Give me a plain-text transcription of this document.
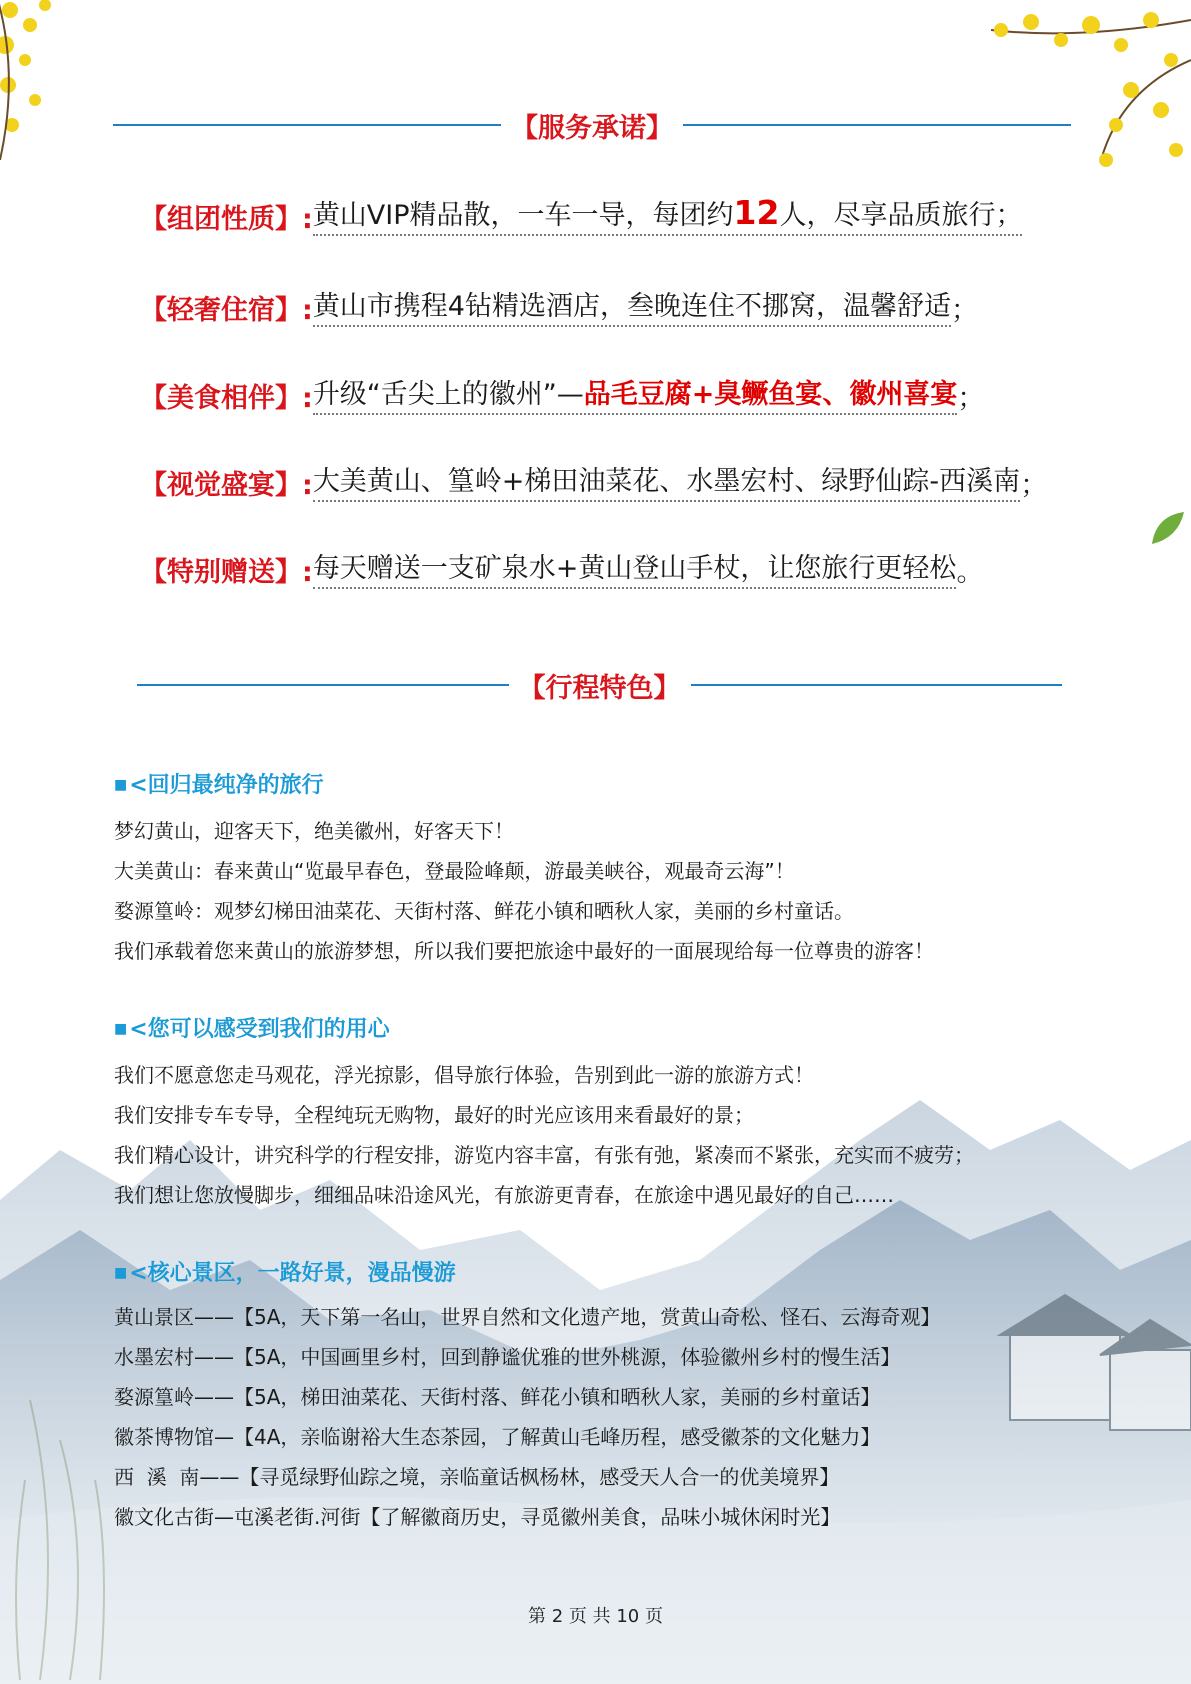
【服务承诺】
【组团性质】: 黄山VIP精品散，一车一导，每团约12人，尽享品质旅行；
【轻奢住宿】: 黄山市携程4钻精选酒店，叁晚连住不挪窝，温馨舒适 ；
【美食相伴】: 升级“舌尖上的徽州”—品毛豆腐+臭鳜鱼宴、徽州喜宴 ；
【视觉盛宴】: 大美黄山、篁岭+梯田油菜花、水墨宏村、绿野仙踪-西溪南 ；
【特别赠送】: 每天赠送一支矿泉水+黄山登山手杖，让您旅行更轻松 。
【行程特色】
■<回归最纯净的旅行
梦幻黄山，迎客天下，绝美徽州，好客天下！
大美黄山：春来黄山“览最早春色，登最险峰颠，游最美峡谷，观最奇云海”！
婺源篁岭：观梦幻梯田油菜花、天街村落、鲜花小镇和晒秋人家，美丽的乡村童话。
我们承载着您来黄山的旅游梦想，所以我们要把旅途中最好的一面展现给每一位尊贵的游客！
■<您可以感受到我们的用心
我们不愿意您走马观花，浮光掠影，倡导旅行体验，告别到此一游的旅游方式！
我们安排专车专导，全程纯玩无购物，最好的时光应该用来看最好的景；
我们精心设计，讲究科学的行程安排，游览内容丰富，有张有弛，紧凑而不紧张，充实而不疲劳；
我们想让您放慢脚步，细细品味沿途风光，有旅游更青春，在旅途中遇见最好的自己……
■<核心景区，一路好景，漫品慢游
黄山景区——【5A，天下第一名山，世界自然和文化遗产地，赏黄山奇松、怪石、云海奇观】
水墨宏村——【5A，中国画里乡村，回到静谧优雅的世外桃源，体验徽州乡村的慢生活】
婺源篁岭——【5A，梯田油菜花、天街村落、鲜花小镇和晒秋人家，美丽的乡村童话】
徽茶博物馆—【4A，亲临谢裕大生态茶园，了解黄山毛峰历程，感受徽茶的文化魅力】
西  溪  南——【寻觅绿野仙踪之境，亲临童话枫杨林，感受天人合一的优美境界】
徽文化古街—屯溪老街.河街【了解徽商历史，寻觅徽州美食，品味小城休闲时光】
第 2 页 共 10 页
